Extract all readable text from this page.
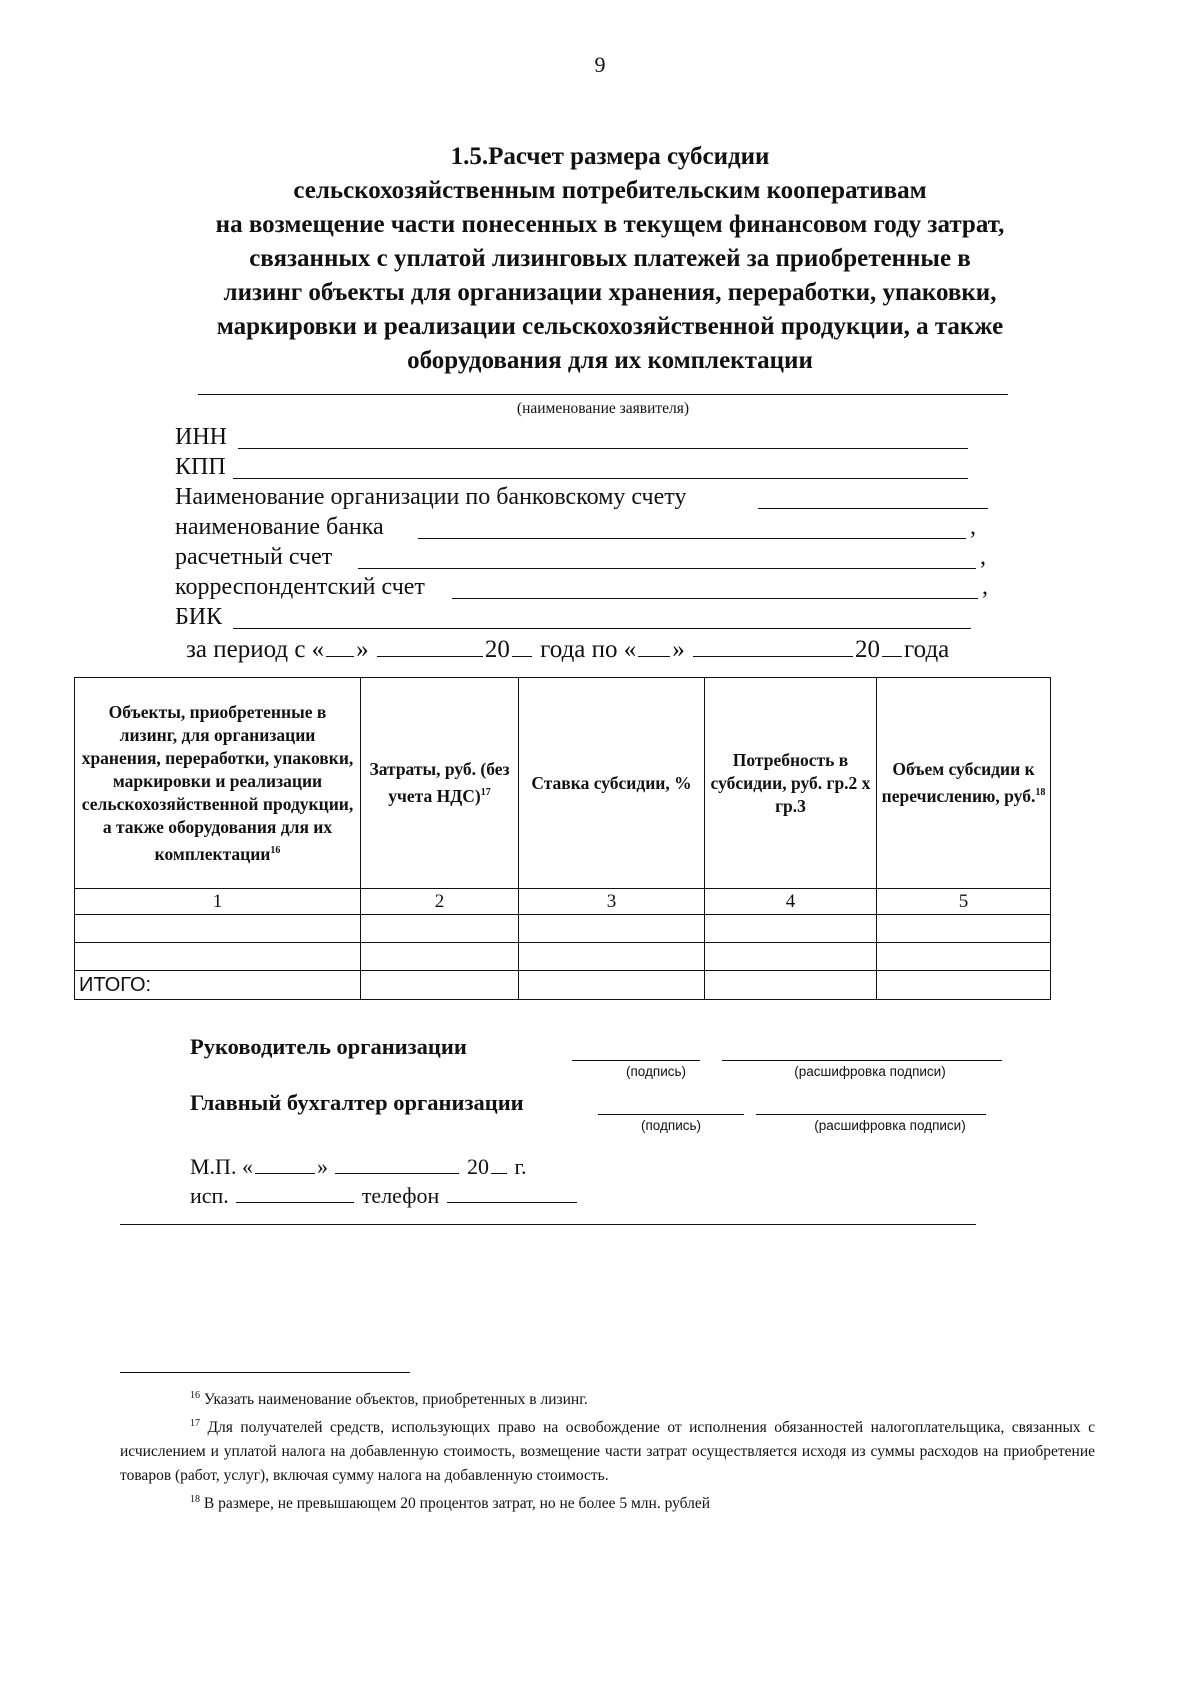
9
1.5.Расчет размера субсидии
сельскохозяйственным потребительским кооперативам
на возмещение части понесенных в текущем финансовом году затрат,
связанных с уплатой лизинговых платежей за приобретенные в
лизинг объекты для организации хранения, переработки, упаковки,
маркировки и реализации сельскохозяйственной продукции, а также
оборудования для их комплектации
(наименование заявителя)
ИНН
КПП
Наименование организации по банковскому счету
наименование банка	,
расчетный счет	,
корреспондентский счет	,
БИК
за период с « »	20 года по « »	20 года
Объекты, приобретенные в лизинг, для организации хранения, переработки, упаковки, маркировки и реализации сельскохозяйственной продукции, а также оборудования для их комплектации$^{16}$	Затраты, руб. (без учета НДС)$^{17}$	Ставка субсидии, %	Потребность в субсидии, руб. гр.2 х гр.3	Объем субсидии к перечислению, руб.$^{18}$
1	2	3	4	5

ИТОГО:				
Руководитель организации
(подпись)	(расшифровка подписи)
Главный бухгалтер организации
(подпись)	(расшифровка подписи)
М.П. «	»	20 г.
исп.	телефон

$^{16}$ Указать наименование объектов, приобретенных в лизинг.

$^{17}$ Для получателей средств, использующих право на освобождение от исполнения обязанностей налогоплательщика, связанных с исчислением и уплатой налога на добавленную стоимость, возмещение части затрат осуществляется исходя из суммы расходов на приобретение товаров (работ, услуг), включая сумму налога на добавленную стоимость.

$^{18}$ В размере, не превышающем 20 процентов затрат, но не более 5 млн. рублей
